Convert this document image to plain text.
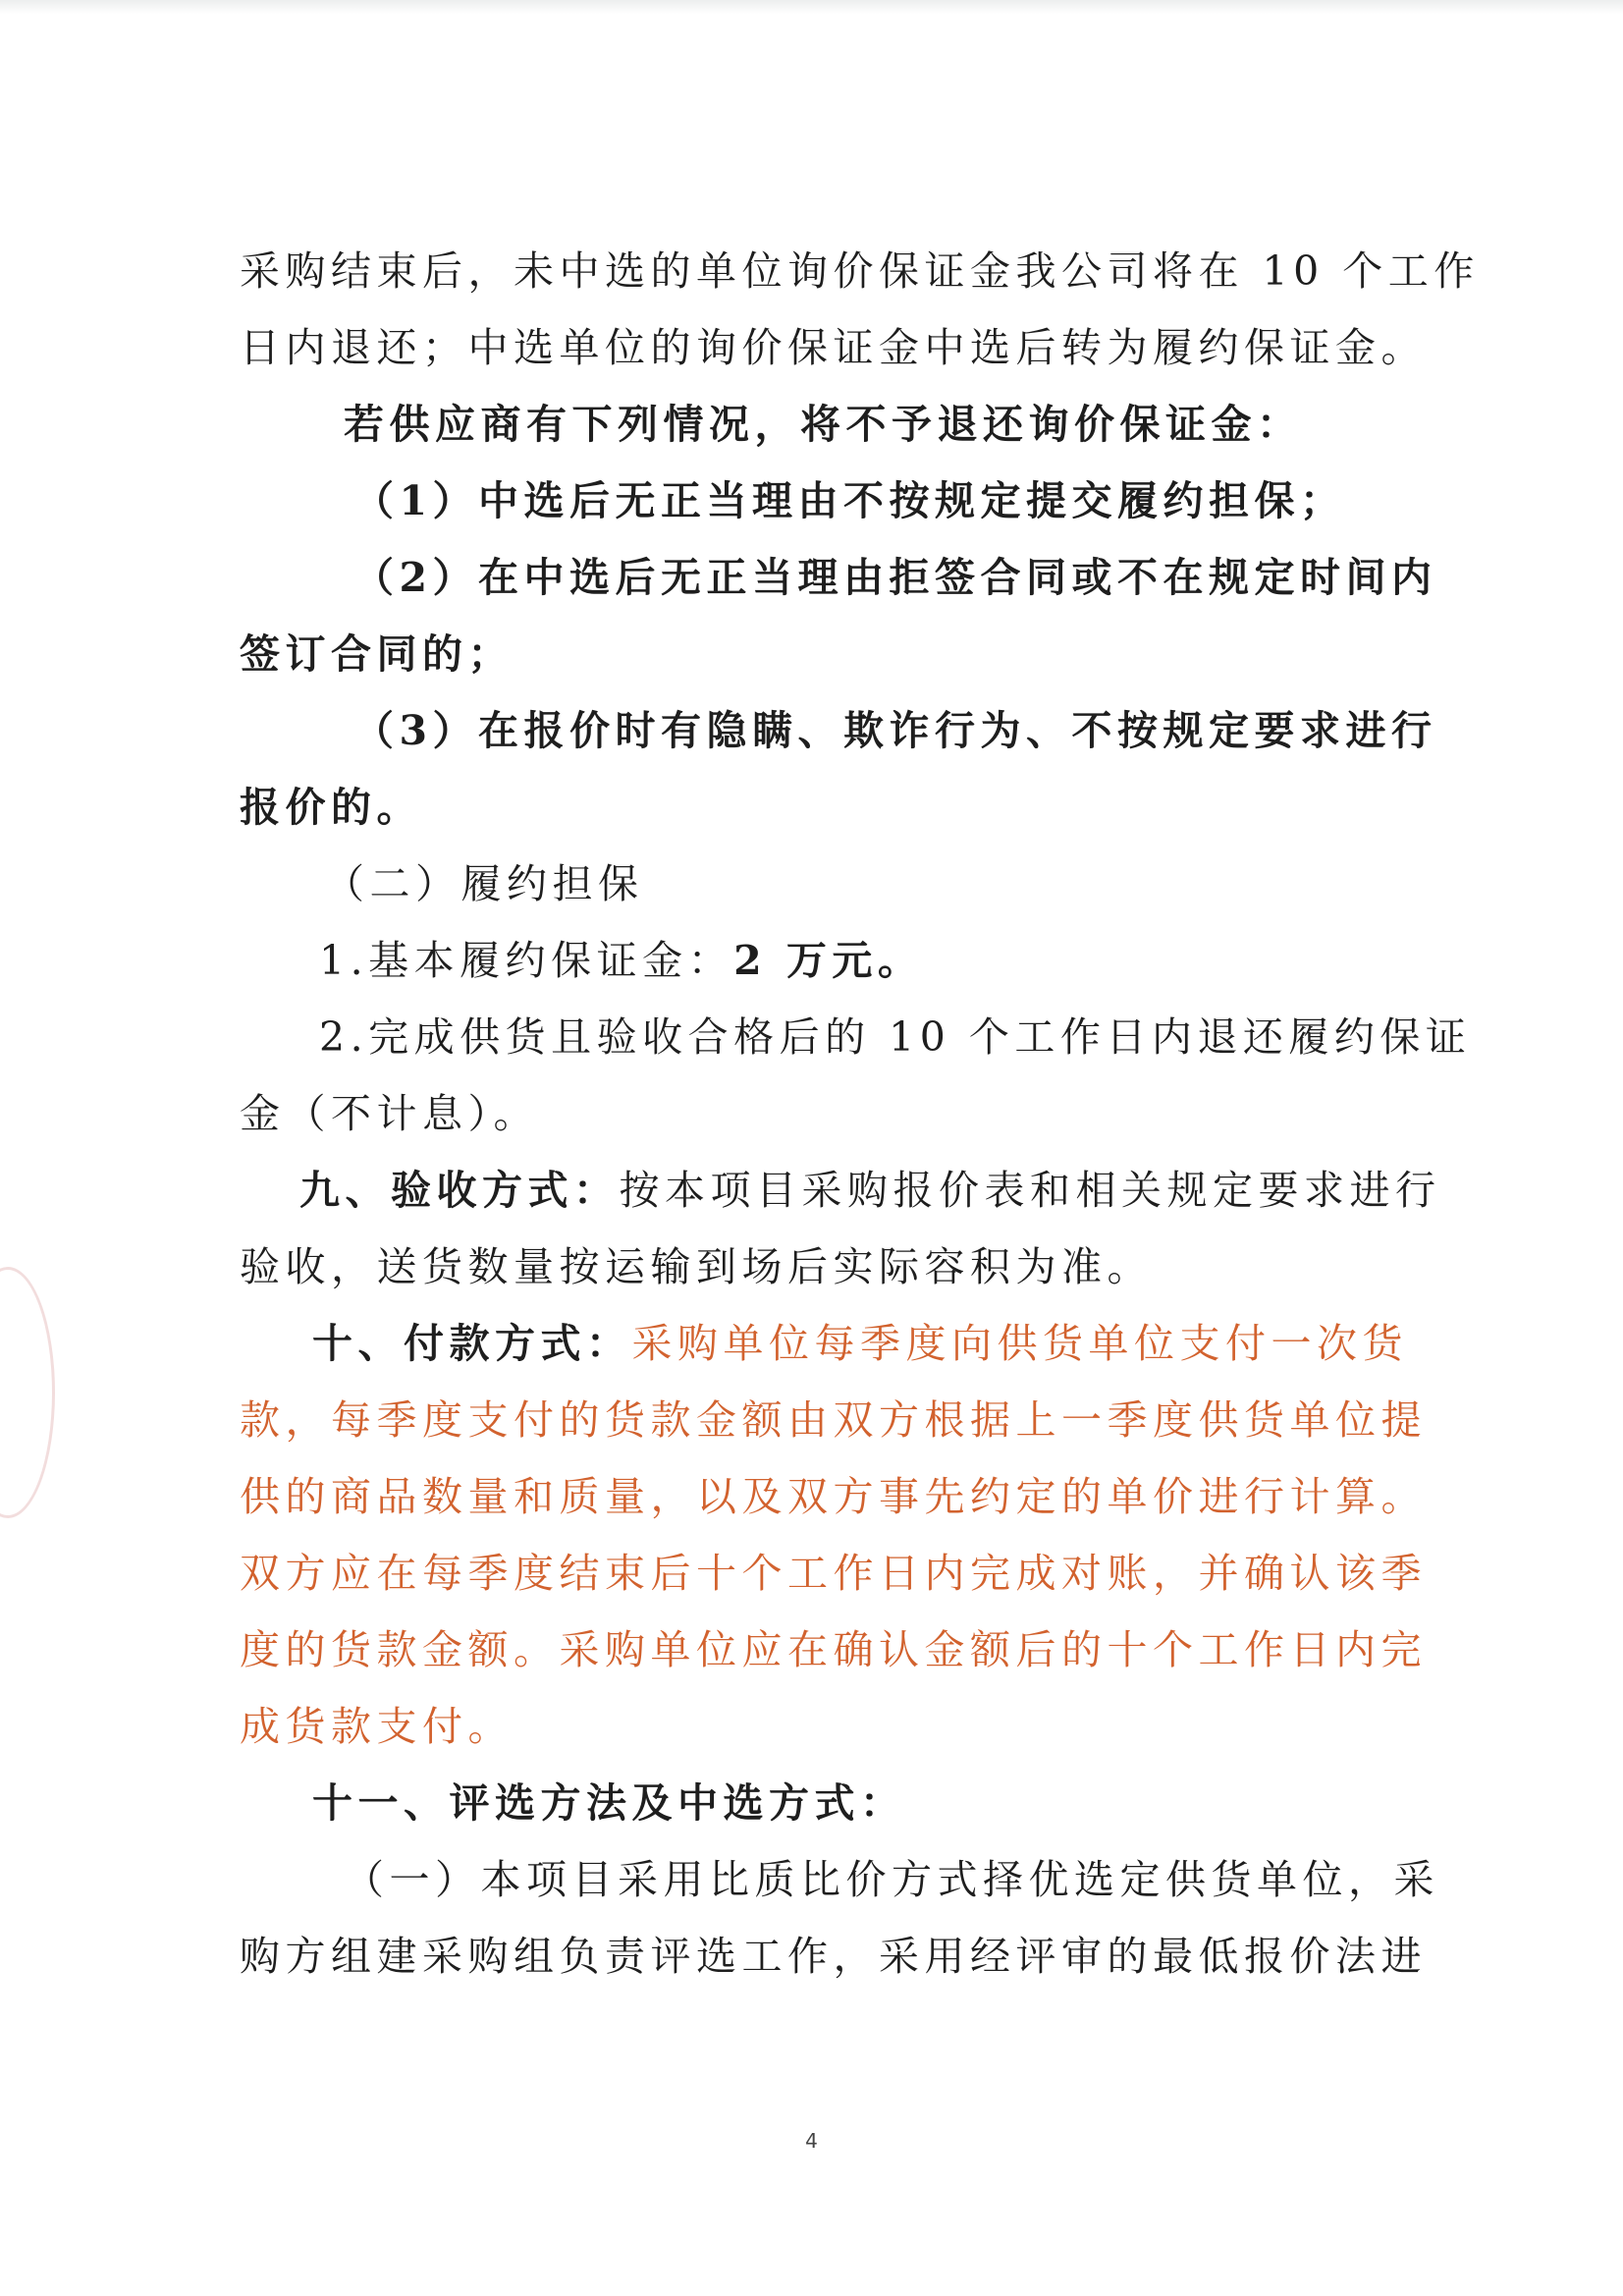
采购结束后，未中选的单位询价保证金我公司将在 10 个工作
日内退还；中选单位的询价保证金中选后转为履约保证金。
若供应商有下列情况，将不予退还询价保证金：
（1）中选后无正当理由不按规定提交履约担保；
（2）在中选后无正当理由拒签合同或不在规定时间内
签订合同的；
（3）在报价时有隐瞒、欺诈行为、不按规定要求进行
报价的。
（二）履约担保
1.基本履约保证金：2 万元。
2.完成供货且验收合格后的 10 个工作日内退还履约保证
金（不计息）。
九、验收方式：按本项目采购报价表和相关规定要求进行
验收，送货数量按运输到场后实际容积为准。
十、付款方式：采购单位每季度向供货单位支付一次货
款，每季度支付的货款金额由双方根据上一季度供货单位提
供的商品数量和质量，以及双方事先约定的单价进行计算。
双方应在每季度结束后十个工作日内完成对账，并确认该季
度的货款金额。采购单位应在确认金额后的十个工作日内完
成货款支付。
十一、评选方法及中选方式：
（一）本项目采用比质比价方式择优选定供货单位，采
购方组建采购组负责评选工作，采用经评审的最低报价法进
4
